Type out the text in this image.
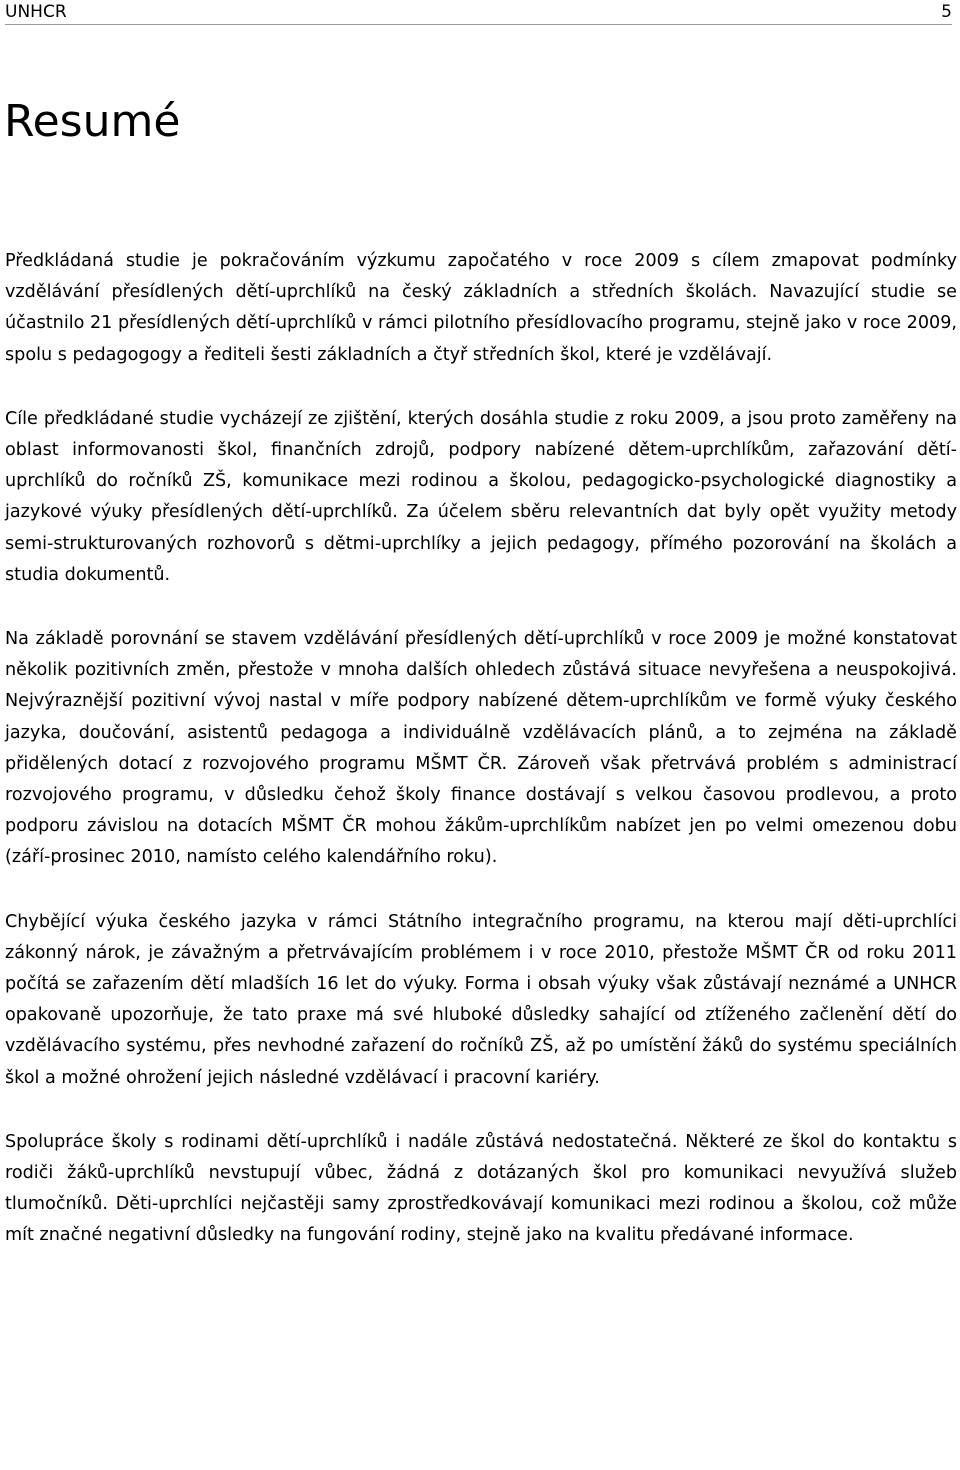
UNHCR	5
Resumé

Předkládaná studie je pokračováním výzkumu započatého v roce 2009 s cílem zmapovat podmínky vzdělávání přesídlených dětí-uprchlíků na český základních a středních školách. Navazující studie se účastnilo 21 přesídlených dětí-uprchlíků v rámci pilotního přesídlovacího programu, stejně jako v roce 2009, spolu s pedagogogy a řediteli šesti základních a čtyř středních škol, které je vzdělávají.

Cíle předkládané studie vycházejí ze zjištění, kterých dosáhla studie z roku 2009, a jsou proto zaměřeny na oblast informovanosti škol, finančních zdrojů, podpory nabízené dětem-uprchlíkům, zařazování dětí-uprchlíků do ročníků ZŠ, komunikace mezi rodinou a školou, pedagogicko-psychologické diagnostiky a jazykové výuky přesídlených dětí-uprchlíků. Za účelem sběru relevantních dat byly opět využity metody semi-strukturovaných rozhovorů s dětmi-uprchlíky a jejich pedagogy, přímého pozorování na školách a studia dokumentů.

Na základě porovnání se stavem vzdělávání přesídlených dětí-uprchlíků v roce 2009 je možné konstatovat několik pozitivních změn, přestože v mnoha dalších ohledech zůstává situace nevyřešena a neuspokojivá. Nejvýraznější pozitivní vývoj nastal v míře podpory nabízené dětem-uprchlíkům ve formě výuky českého jazyka, doučování, asistentů pedagoga a individuálně vzdělávacích plánů, a to zejména na základě přidělených dotací z rozvojového programu MŠMT ČR. Zároveň však přetrvává problém s administrací rozvojového programu, v důsledku čehož školy finance dostávají s velkou časovou prodlevou, a proto podporu závislou na dotacích MŠMT ČR mohou žákům-uprchlíkům nabízet jen po velmi omezenou dobu (září-prosinec 2010, namísto celého kalendářního roku).

Chybějící výuka českého jazyka v rámci Státního integračního programu, na kterou mají děti-uprchlíci zákonný nárok, je závažným a přetrvávajícím problémem i v roce 2010, přestože MŠMT ČR od roku 2011 počítá se zařazením dětí mladších 16 let do výuky. Forma i obsah výuky však zůstávají neznámé a UNHCR opakovaně upozorňuje, že tato praxe má své hluboké důsledky sahající od ztíženého začlenění dětí do vzdělávacího systému, přes nevhodné zařazení do ročníků ZŠ, až po umístění žáků do systému speciálních škol a možné ohrožení jejich následné vzdělávací i pracovní kariéry.

Spolupráce školy s rodinami dětí-uprchlíků i nadále zůstává nedostatečná. Některé ze škol do kontaktu s rodiči žáků-uprchlíků nevstupují vůbec, žádná z dotázaných škol pro komunikaci nevyužívá služeb tlumočníků. Děti-uprchlíci nejčastěji samy zprostředkovávají komunikaci mezi rodinou a školou, což může mít značné negativní důsledky na fungování rodiny, stejně jako na kvalitu předávané informace.
